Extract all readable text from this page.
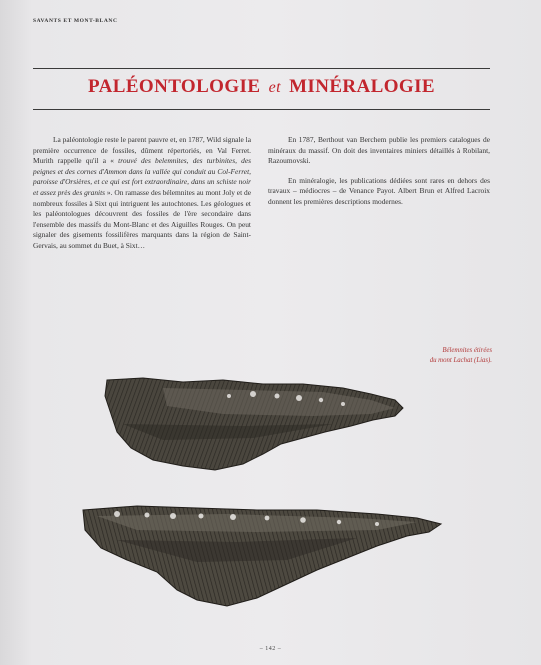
SAVANTS ET MONT-BLANC
PALÉONTOLOGIE et MINÉRALOGIE

La paléontologie reste le parent pauvre et, en 1787, Wild signale la première occurrence de fossiles, dûment répertoriés, en Val Ferret. Murith rappelle qu'il a « trouvé des belemnites, des turbinites, des peignes et des cornes d'Ammon dans la vallée qui conduit au Col-Ferret, paroisse d'Orsières, et ce qui est fort extraordinaire, dans un schiste noir et assez près des granits ». On ramasse des bélemnites au mont Joly et de nombreux fossiles à Sixt qui intriguent les autochtones. Les géologues et les paléontologues découvrent des fossiles de l'ère secondaire dans l'ensemble des massifs du Mont-Blanc et des Aiguilles Rouges. On peut signaler des gisements fossilifères marquants dans la région de Saint-Gervais, au sommet du Buet, à Sixt…

En 1787, Berthout van Berchem publie les premiers catalogues de minéraux du massif. On doit des inventaires miniers détaillés à Robilant, Razoumovski.

En minéralogie, les publications dédiées sont rares en dehors des travaux – médiocres – de Venance Payot. Albert Brun et Alfred Lacroix donnent les premières descriptions modernes.

Bélemnites étirées
du mont Lachat (Lias).
– 142 –
